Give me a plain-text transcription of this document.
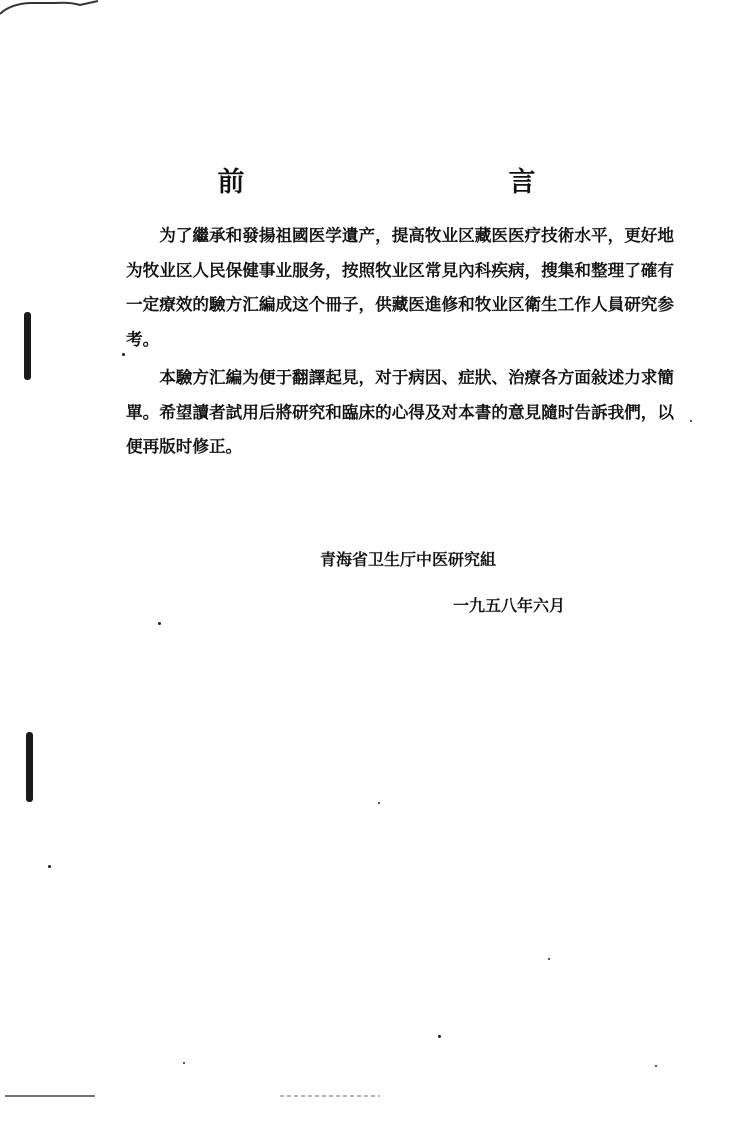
前　　言

为了繼承和發揚祖國医学遺产，提高牧业区藏医医疗技術水平，更好地为牧业区人民保健事业服务，按照牧业区常見內科疾病，搜集和整理了確有一定療效的驗方汇編成这个冊子，供藏医進修和牧业区衛生工作人員研究参考。

本驗方汇編为便于翻譯起見，对于病因、症狀、治療各方面敍述力求簡單。希望讀者試用后將研究和臨床的心得及对本書的意見隨时告訴我們，以便再版时修正。

青海省卫生厅中医研究組
一九五八年六月
